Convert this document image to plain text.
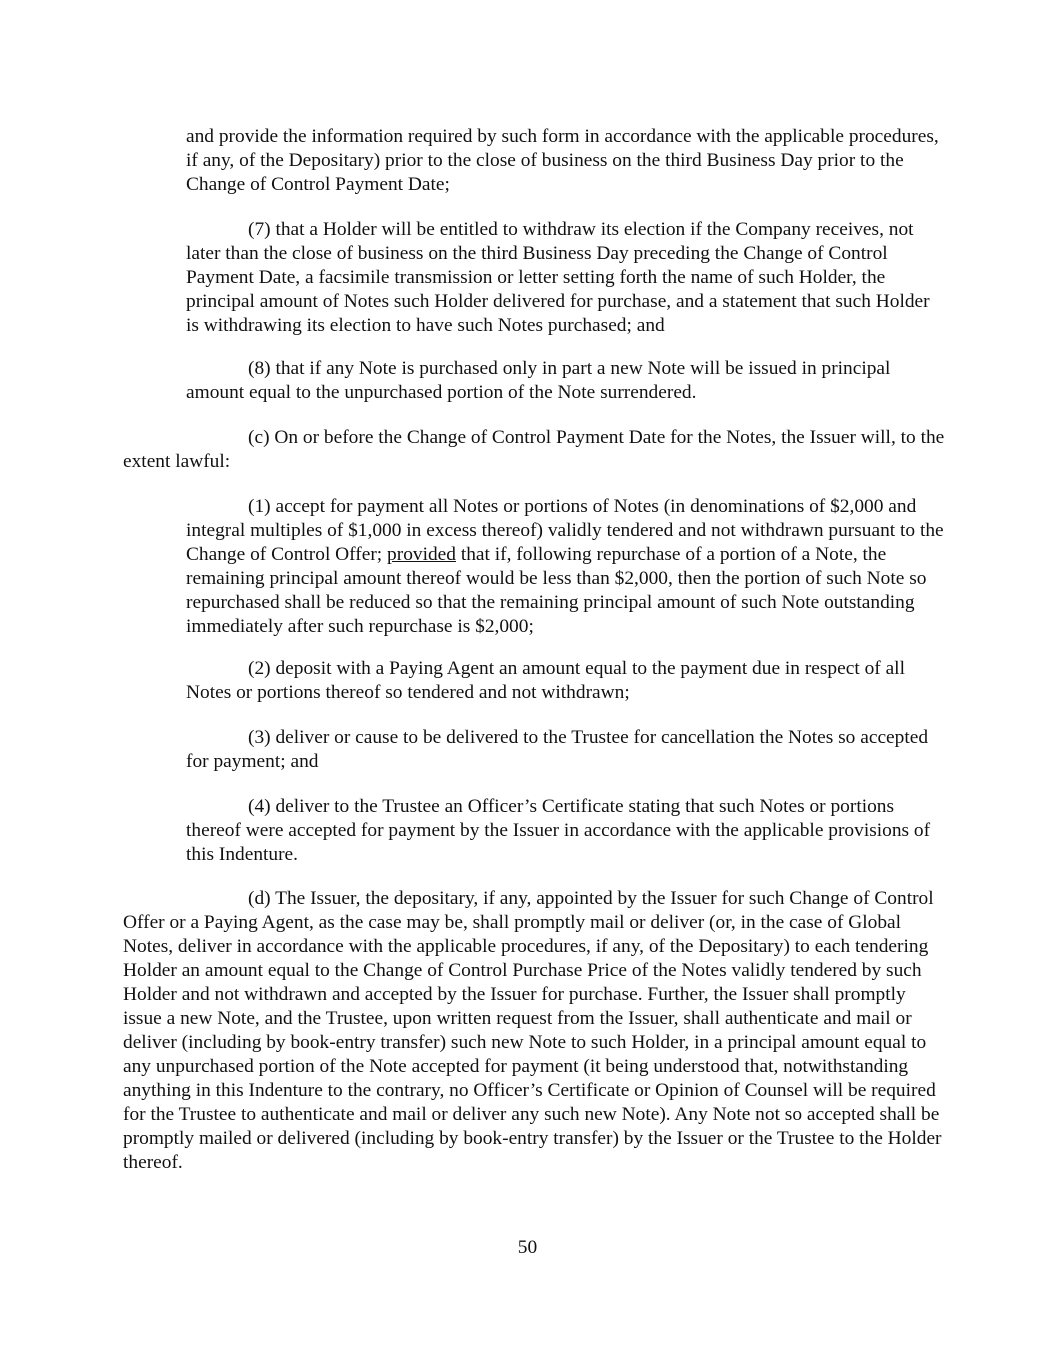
and provide the information required by such form in accordance with the applicable procedures, if any, of the Depositary) prior to the close of business on the third Business Day prior to the Change of Control Payment Date;

(7) that a Holder will be entitled to withdraw its election if the Company receives, not later than the close of business on the third Business Day preceding the Change of Control Payment Date, a facsimile transmission or letter setting forth the name of such Holder, the principal amount of Notes such Holder delivered for purchase, and a statement that such Holder is withdrawing its election to have such Notes purchased; and

(8) that if any Note is purchased only in part a new Note will be issued in principal amount equal to the unpurchased portion of the Note surrendered.

(c) On or before the Change of Control Payment Date for the Notes, the Issuer will, to the extent lawful:

(1) accept for payment all Notes or portions of Notes (in denominations of $2,000 and integral multiples of $1,000 in excess thereof) validly tendered and not withdrawn pursuant to the Change of Control Offer; provided that if, following repurchase of a portion of a Note, the remaining principal amount thereof would be less than $2,000, then the portion of such Note so repurchased shall be reduced so that the remaining principal amount of such Note outstanding immediately after such repurchase is $2,000;

(2) deposit with a Paying Agent an amount equal to the payment due in respect of all Notes or portions thereof so tendered and not withdrawn;

(3) deliver or cause to be delivered to the Trustee for cancellation the Notes so accepted for payment; and

(4) deliver to the Trustee an Officer’s Certificate stating that such Notes or portions thereof were accepted for payment by the Issuer in accordance with the applicable provisions of this Indenture.

(d) The Issuer, the depositary, if any, appointed by the Issuer for such Change of Control Offer or a Paying Agent, as the case may be, shall promptly mail or deliver (or, in the case of Global Notes, deliver in accordance with the applicable procedures, if any, of the Depositary) to each tendering Holder an amount equal to the Change of Control Purchase Price of the Notes validly tendered by such Holder and not withdrawn and accepted by the Issuer for purchase. Further, the Issuer shall promptly issue a new Note, and the Trustee, upon written request from the Issuer, shall authenticate and mail or deliver (including by book-entry transfer) such new Note to such Holder, in a principal amount equal to any unpurchased portion of the Note accepted for payment (it being understood that, notwithstanding anything in this Indenture to the contrary, no Officer’s Certificate or Opinion of Counsel will be required for the Trustee to authenticate and mail or deliver any such new Note). Any Note not so accepted shall be promptly mailed or delivered (including by book-entry transfer) by the Issuer or the Trustee to the Holder thereof.

50
